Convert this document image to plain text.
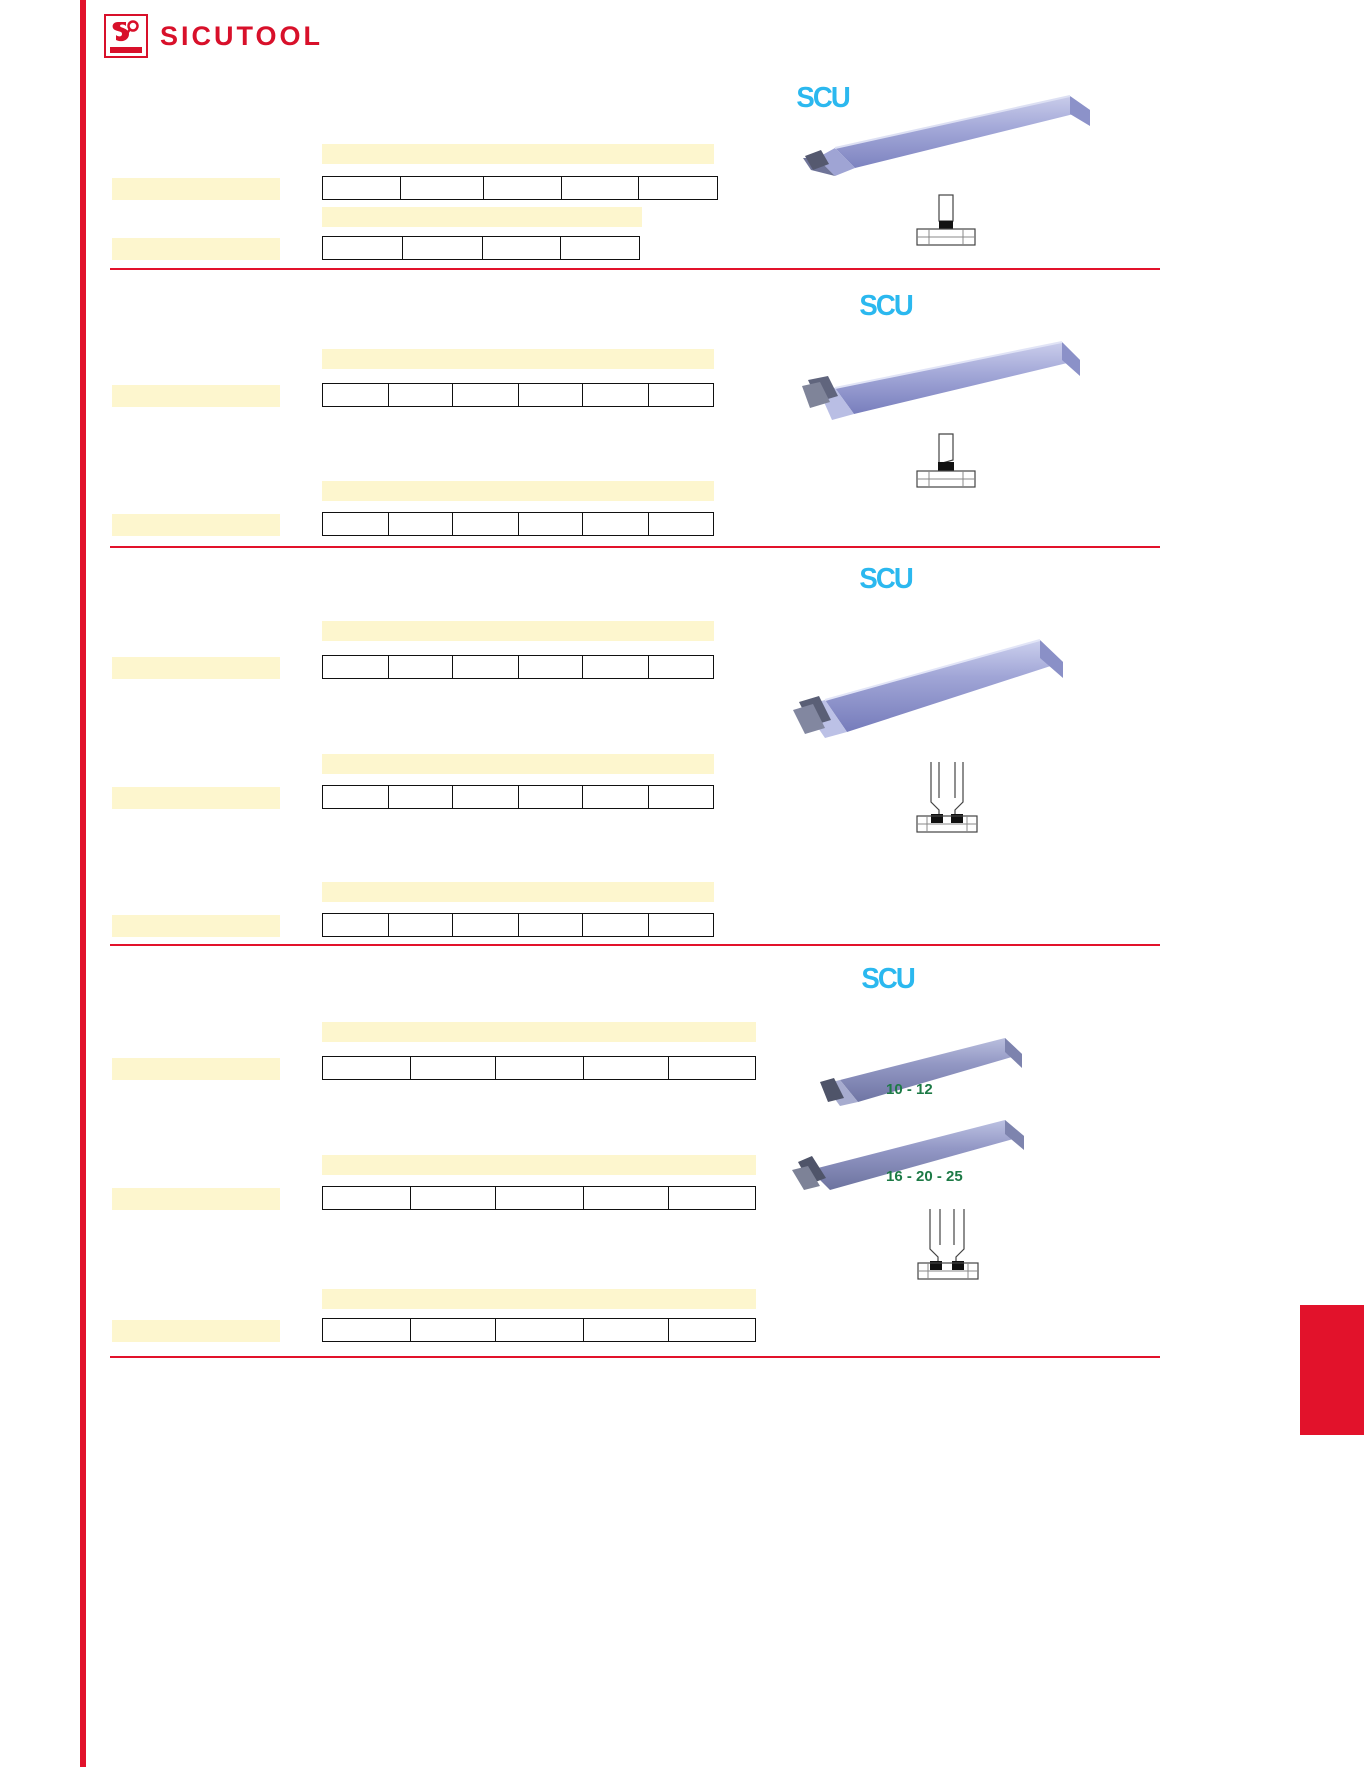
SICUTOOL
SCU
SCU
SCU
SCU
10 - 12
16 - 20 - 25
